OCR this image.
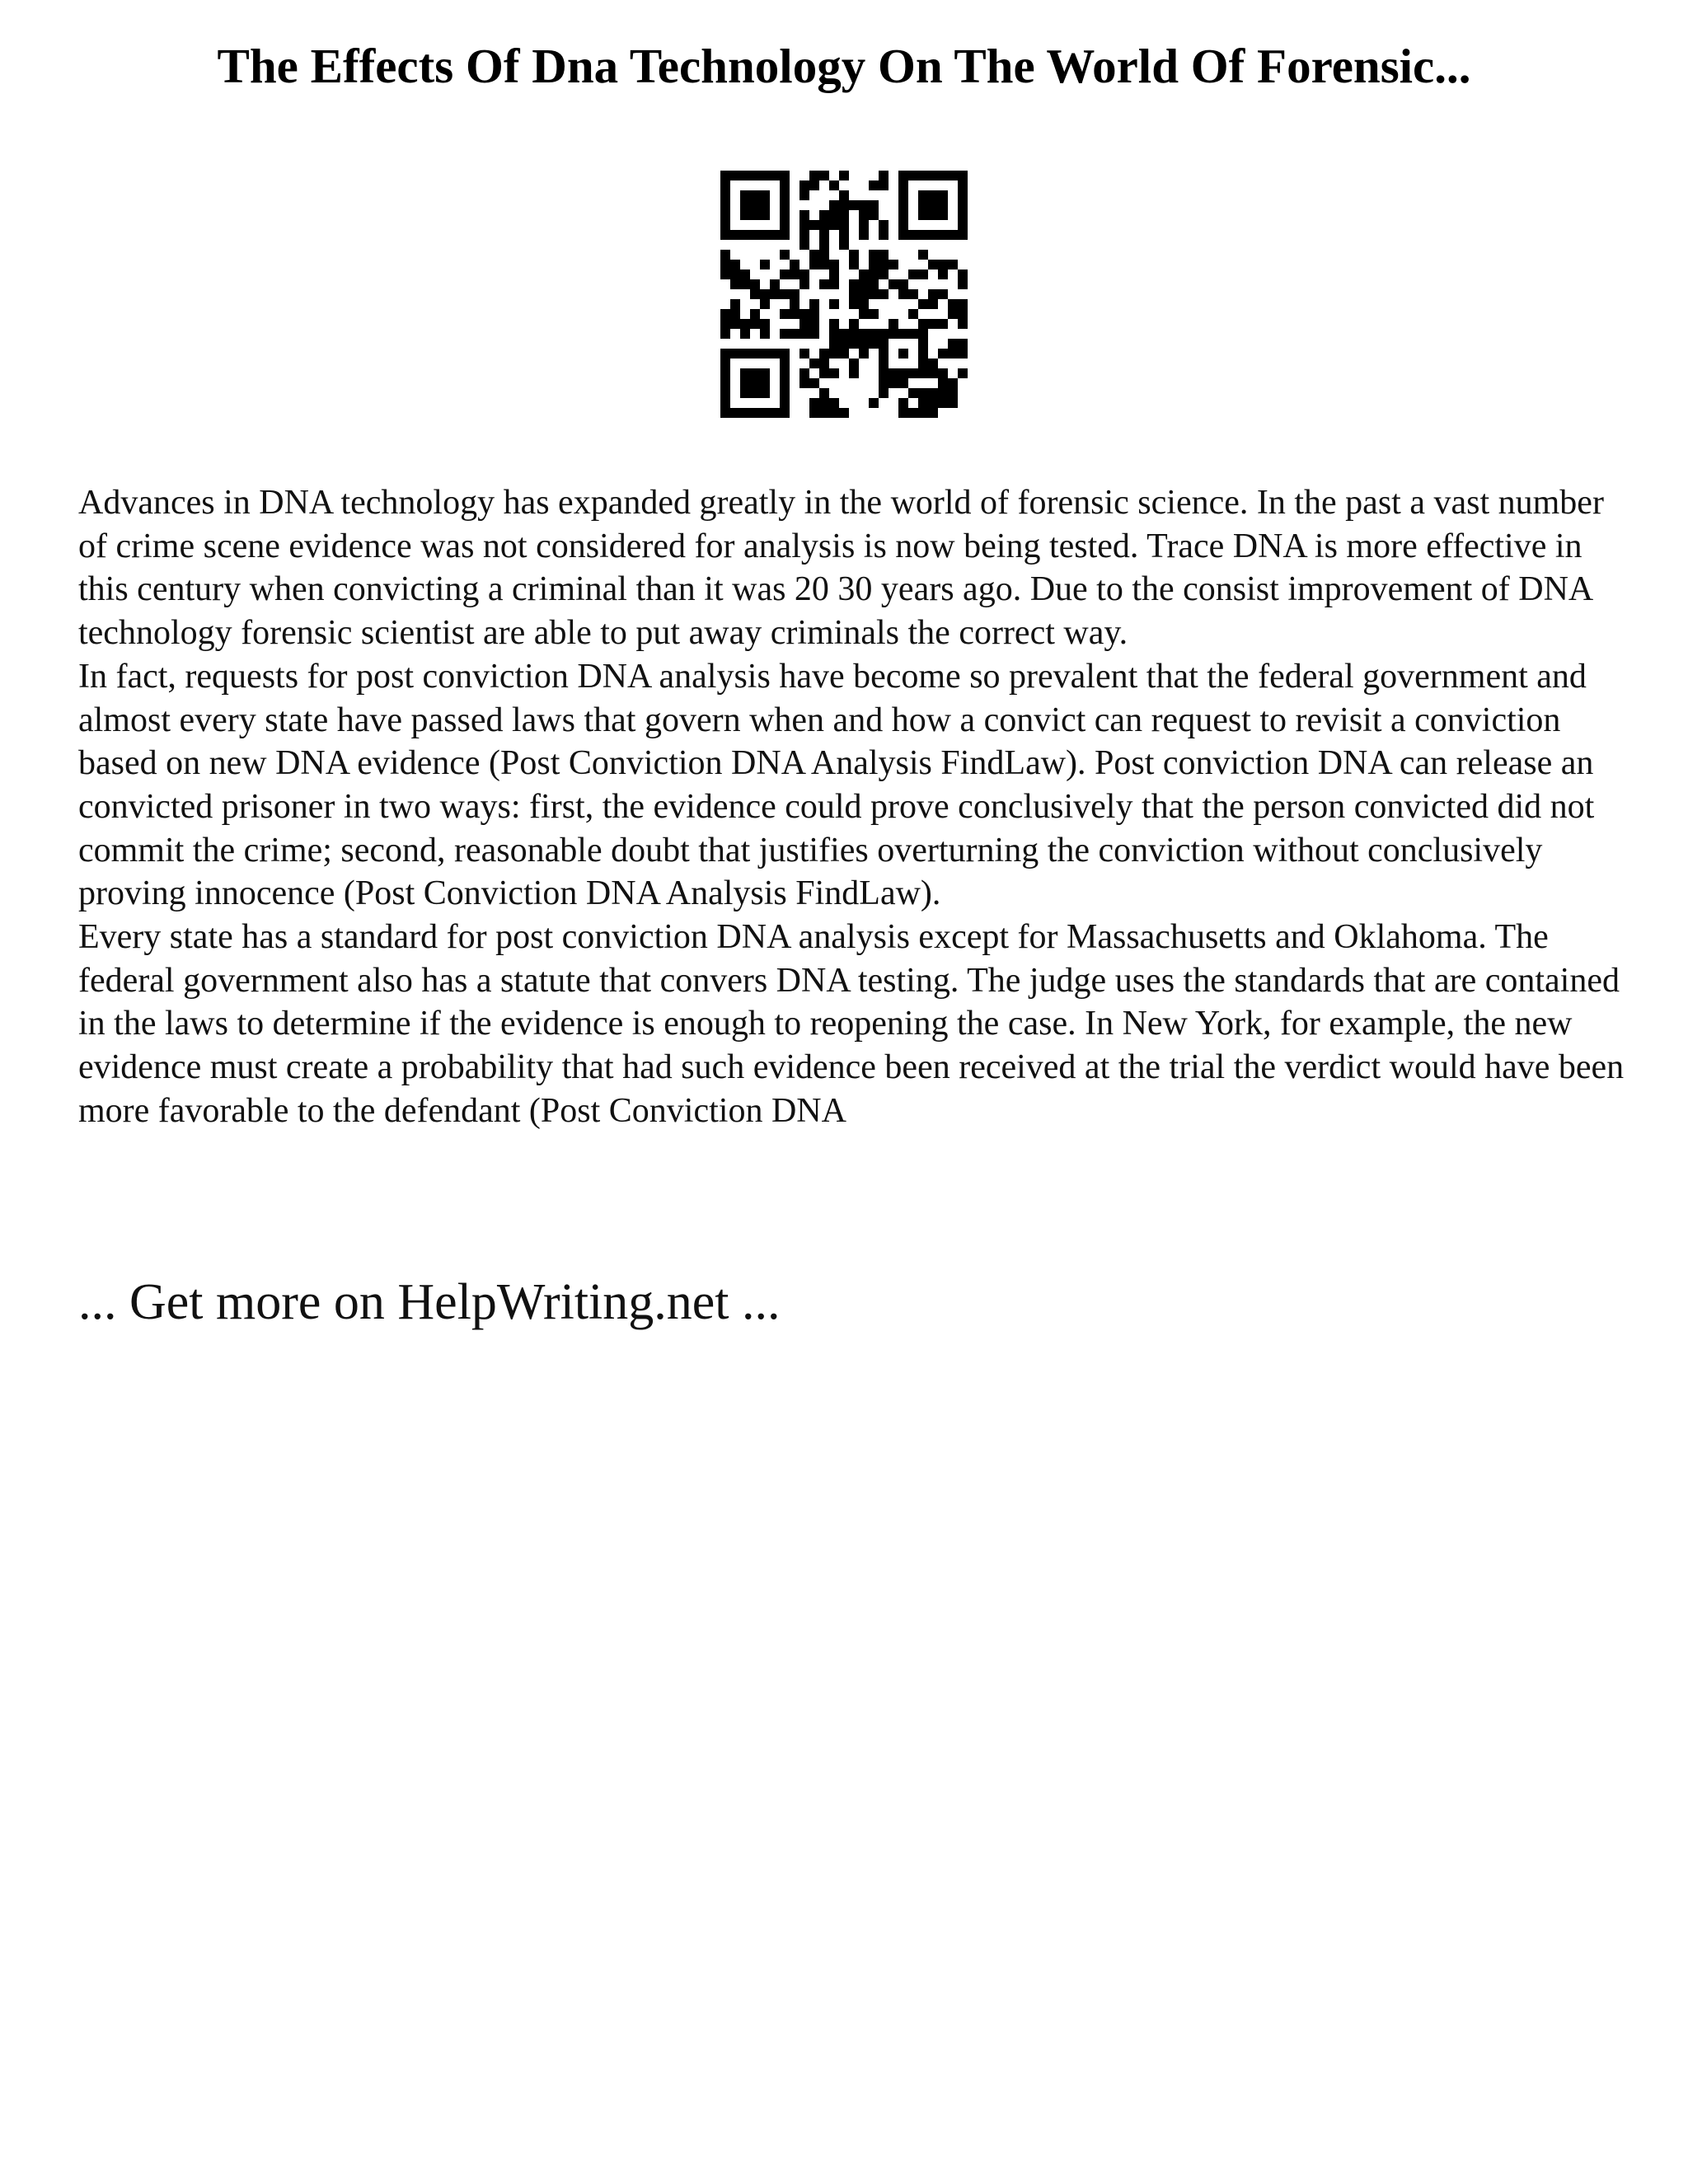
The Effects Of Dna Technology On The World Of Forensic...

Advances in DNA technology has expanded greatly in the world of forensic science. In the past a vast number of crime scene evidence was not considered for analysis is now being tested. Trace DNA is more effective in this century when convicting a criminal than it was 20 30 years ago. Due to the consist improvement of DNA technology forensic scientist are able to put away criminals the correct way.

In fact, requests for post conviction DNA analysis have become so prevalent that the federal government and almost every state have passed laws that govern when and how a convict can request to revisit a conviction based on new DNA evidence (Post Conviction DNA Analysis FindLaw). Post conviction DNA can release an convicted prisoner in two ways: first, the evidence could prove conclusively that the person convicted did not commit the crime; second, reasonable doubt that justifies overturning the conviction without conclusively proving innocence (Post Conviction DNA Analysis FindLaw).

Every state has a standard for post conviction DNA analysis except for Massachusetts and Oklahoma. The federal government also has a statute that convers DNA testing. The judge uses the standards that are contained in the laws to determine if the evidence is enough to reopening the case. In New York, for example, the new evidence must create a probability that had such evidence been received at the trial the verdict would have been more favorable to the defendant (Post Conviction DNA

... Get more on HelpWriting.net ...
